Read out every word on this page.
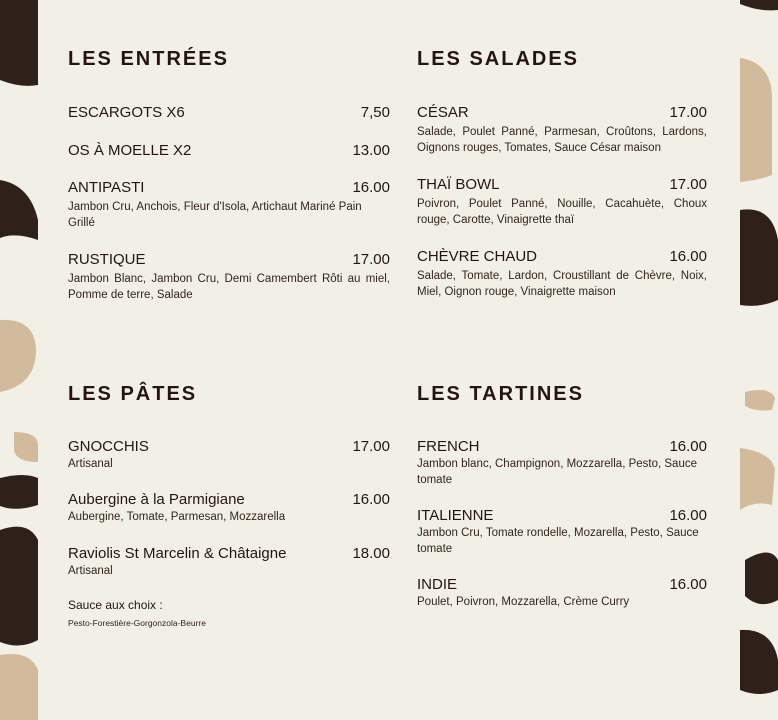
LES ENTRÉES
ESCARGOTS X6	7,50
OS À MOELLE X2	13.00
ANTIPASTI	16.00
Jambon Cru, Anchois, Fleur d'Isola, Artichaut Mariné Pain Grillé
RUSTIQUE	17.00
Jambon Blanc, Jambon Cru, Demi Camembert Rôti au miel, Pomme de terre, Salade
LES SALADES
CÉSAR	17.00
Salade, Poulet Panné, Parmesan, Croûtons, Lardons, Oignons rouges, Tomates, Sauce César maison
THAÏ BOWL	17.00
Poivron, Poulet Panné, Nouille, Cacahuète, Choux rouge, Carotte, Vinaigrette thaï
CHÈVRE CHAUD	16.00
Salade, Tomate, Lardon, Croustillant de Chèvre, Noix, Miel, Oignon rouge, Vinaigrette maison
LES PÂTES
GNOCCHIS	17.00
Artisanal
Aubergine à la Parmigiane	16.00
Aubergine, Tomate, Parmesan, Mozzarella
Raviolis St Marcelin & Châtaigne	18.00
Artisanal
Sauce aux choix :
Pesto-Forestière-Gorgonzola-Beurre
LES TARTINES
FRENCH	16.00
Jambon blanc, Champignon, Mozzarella, Pesto, Sauce tomate
ITALIENNE	16.00
Jambon Cru, Tomate rondelle, Mozarella, Pesto, Sauce tomate
INDIE	16.00
Poulet, Poivron, Mozzarella, Crème Curry
